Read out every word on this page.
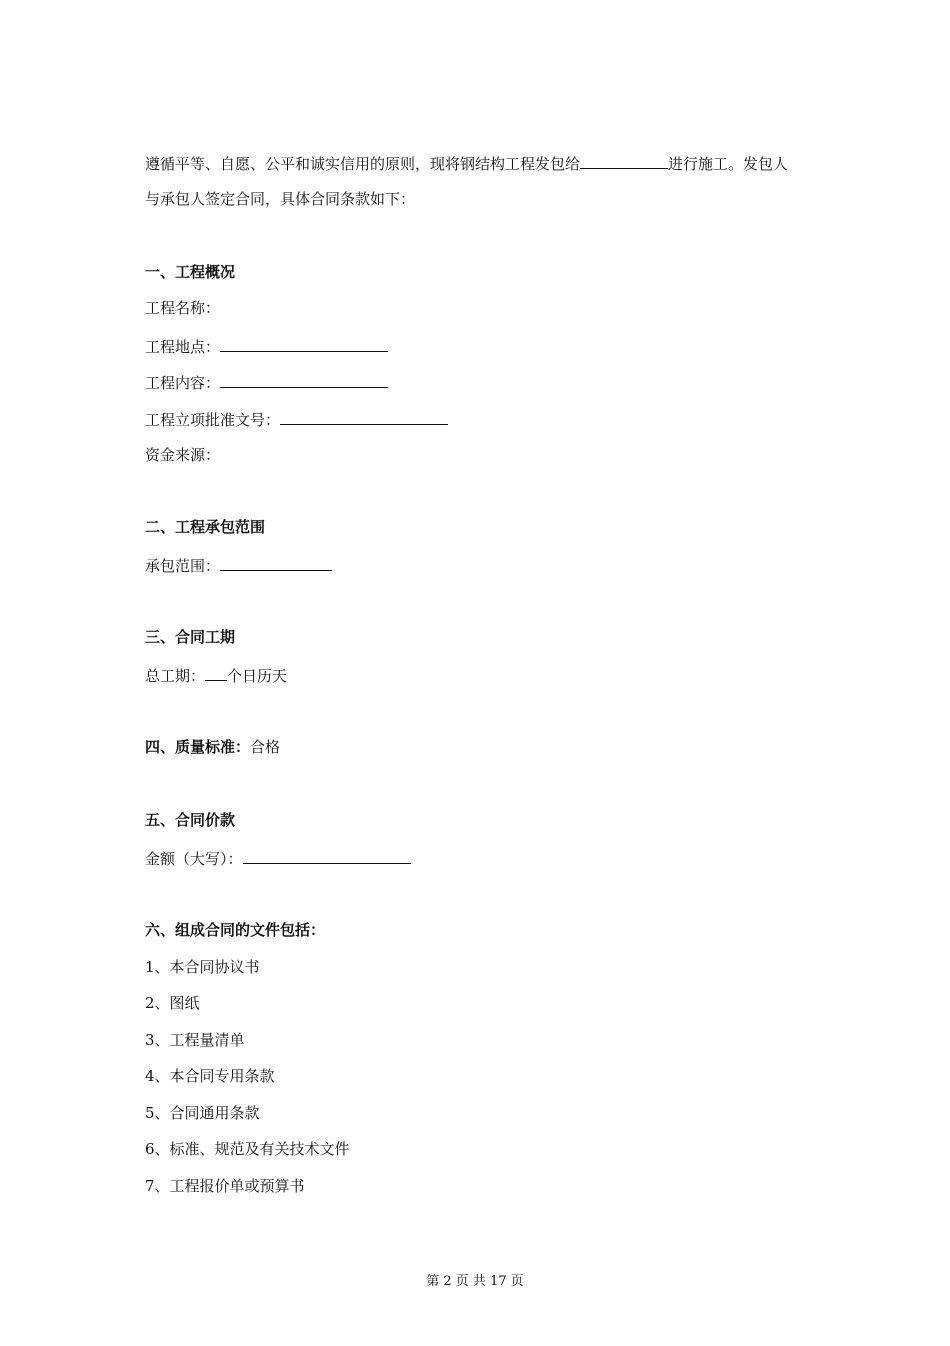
遵循平等、自愿、公平和诚实信用的原则，现将钢结构工程发包给	进行施工。发包人
与承包人签定合同，具体合同条款如下：
一、工程概况
工程名称：
工程地点：
工程内容：
工程立项批准文号：
资金来源：
二、工程承包范围
承包范围：
三、合同工期
总工期： 个日历天
四、质量标准：合格
五、合同价款
金额（大写）：
六、组成合同的文件包括：
1、本合同协议书
2、图纸
3、工程量清单
4、本合同专用条款
5、合同通用条款
6、标准、规范及有关技术文件
7、工程报价单或预算书
第 2 页 共 17 页
